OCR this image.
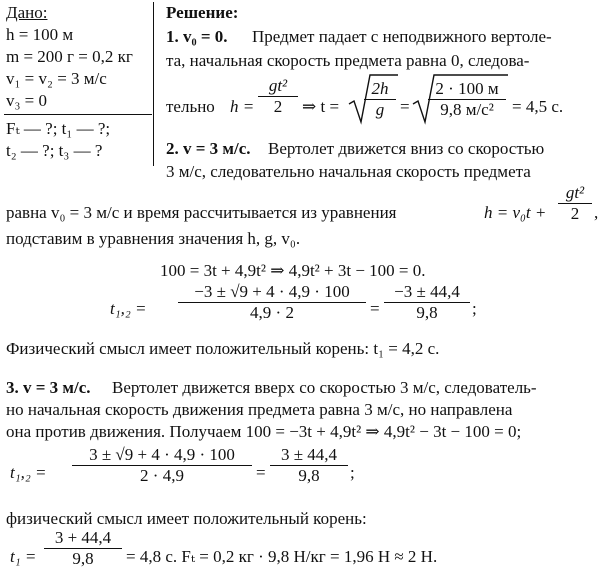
Дано:
h = 100 м
m = 200 г = 0,2 кг
v₁ = v₂ = 3 м/с
v₃ = 0
Fₜ — ?; t₁ — ?;
t₂ — ?; t₃ — ?
Решение:
1. v₀ = 0. Предмет падает с неподвижного вертоле-
та, начальная скорость предмета равна 0, следова-
тельно h =
gt²
2	⇒ t =
2h
g =
2 · 100 м
9,8 м/с²	= 4,5 с.
2. v = 3 м/с. Вертолет движется вниз со скоростью
3 м/с, следовательно начальная скорость предмета
равна v₀ = 3 м/с и время рассчитывается из уравнения	h = v₀t +
gt²
2 ,
подставим в уравнения значения h, g, v₀.
100 = 3t + 4,9t² ⇒ 4,9t² + 3t − 100 = 0.
t₁,₂ =
−3 ± √9 + 4 · 4,9 · 100
4,9 · 2	=
−3 ± 44,4
9,8	;
Физический смысл имеет положительный корень: t₁ = 4,2 с.
3. v = 3 м/с. Вертолет движется вверх со скоростью 3 м/с, следователь-
но начальная скорость движения предмета равна 3 м/с, но направлена
она против движения. Получаем 100 = −3t + 4,9t² ⇒ 4,9t² − 3t − 100 = 0;
t₁,₂ =
3 ± √9 + 4 · 4,9 · 100
2 · 4,9	=
3 ± 44,4
9,8	;
физический смысл имеет положительный корень:
t₁ =
3 + 44,4
9,8	= 4,8 с. Fₜ = 0,2 кг · 9,8 Н/кг = 1,96 Н ≈ 2 Н.
